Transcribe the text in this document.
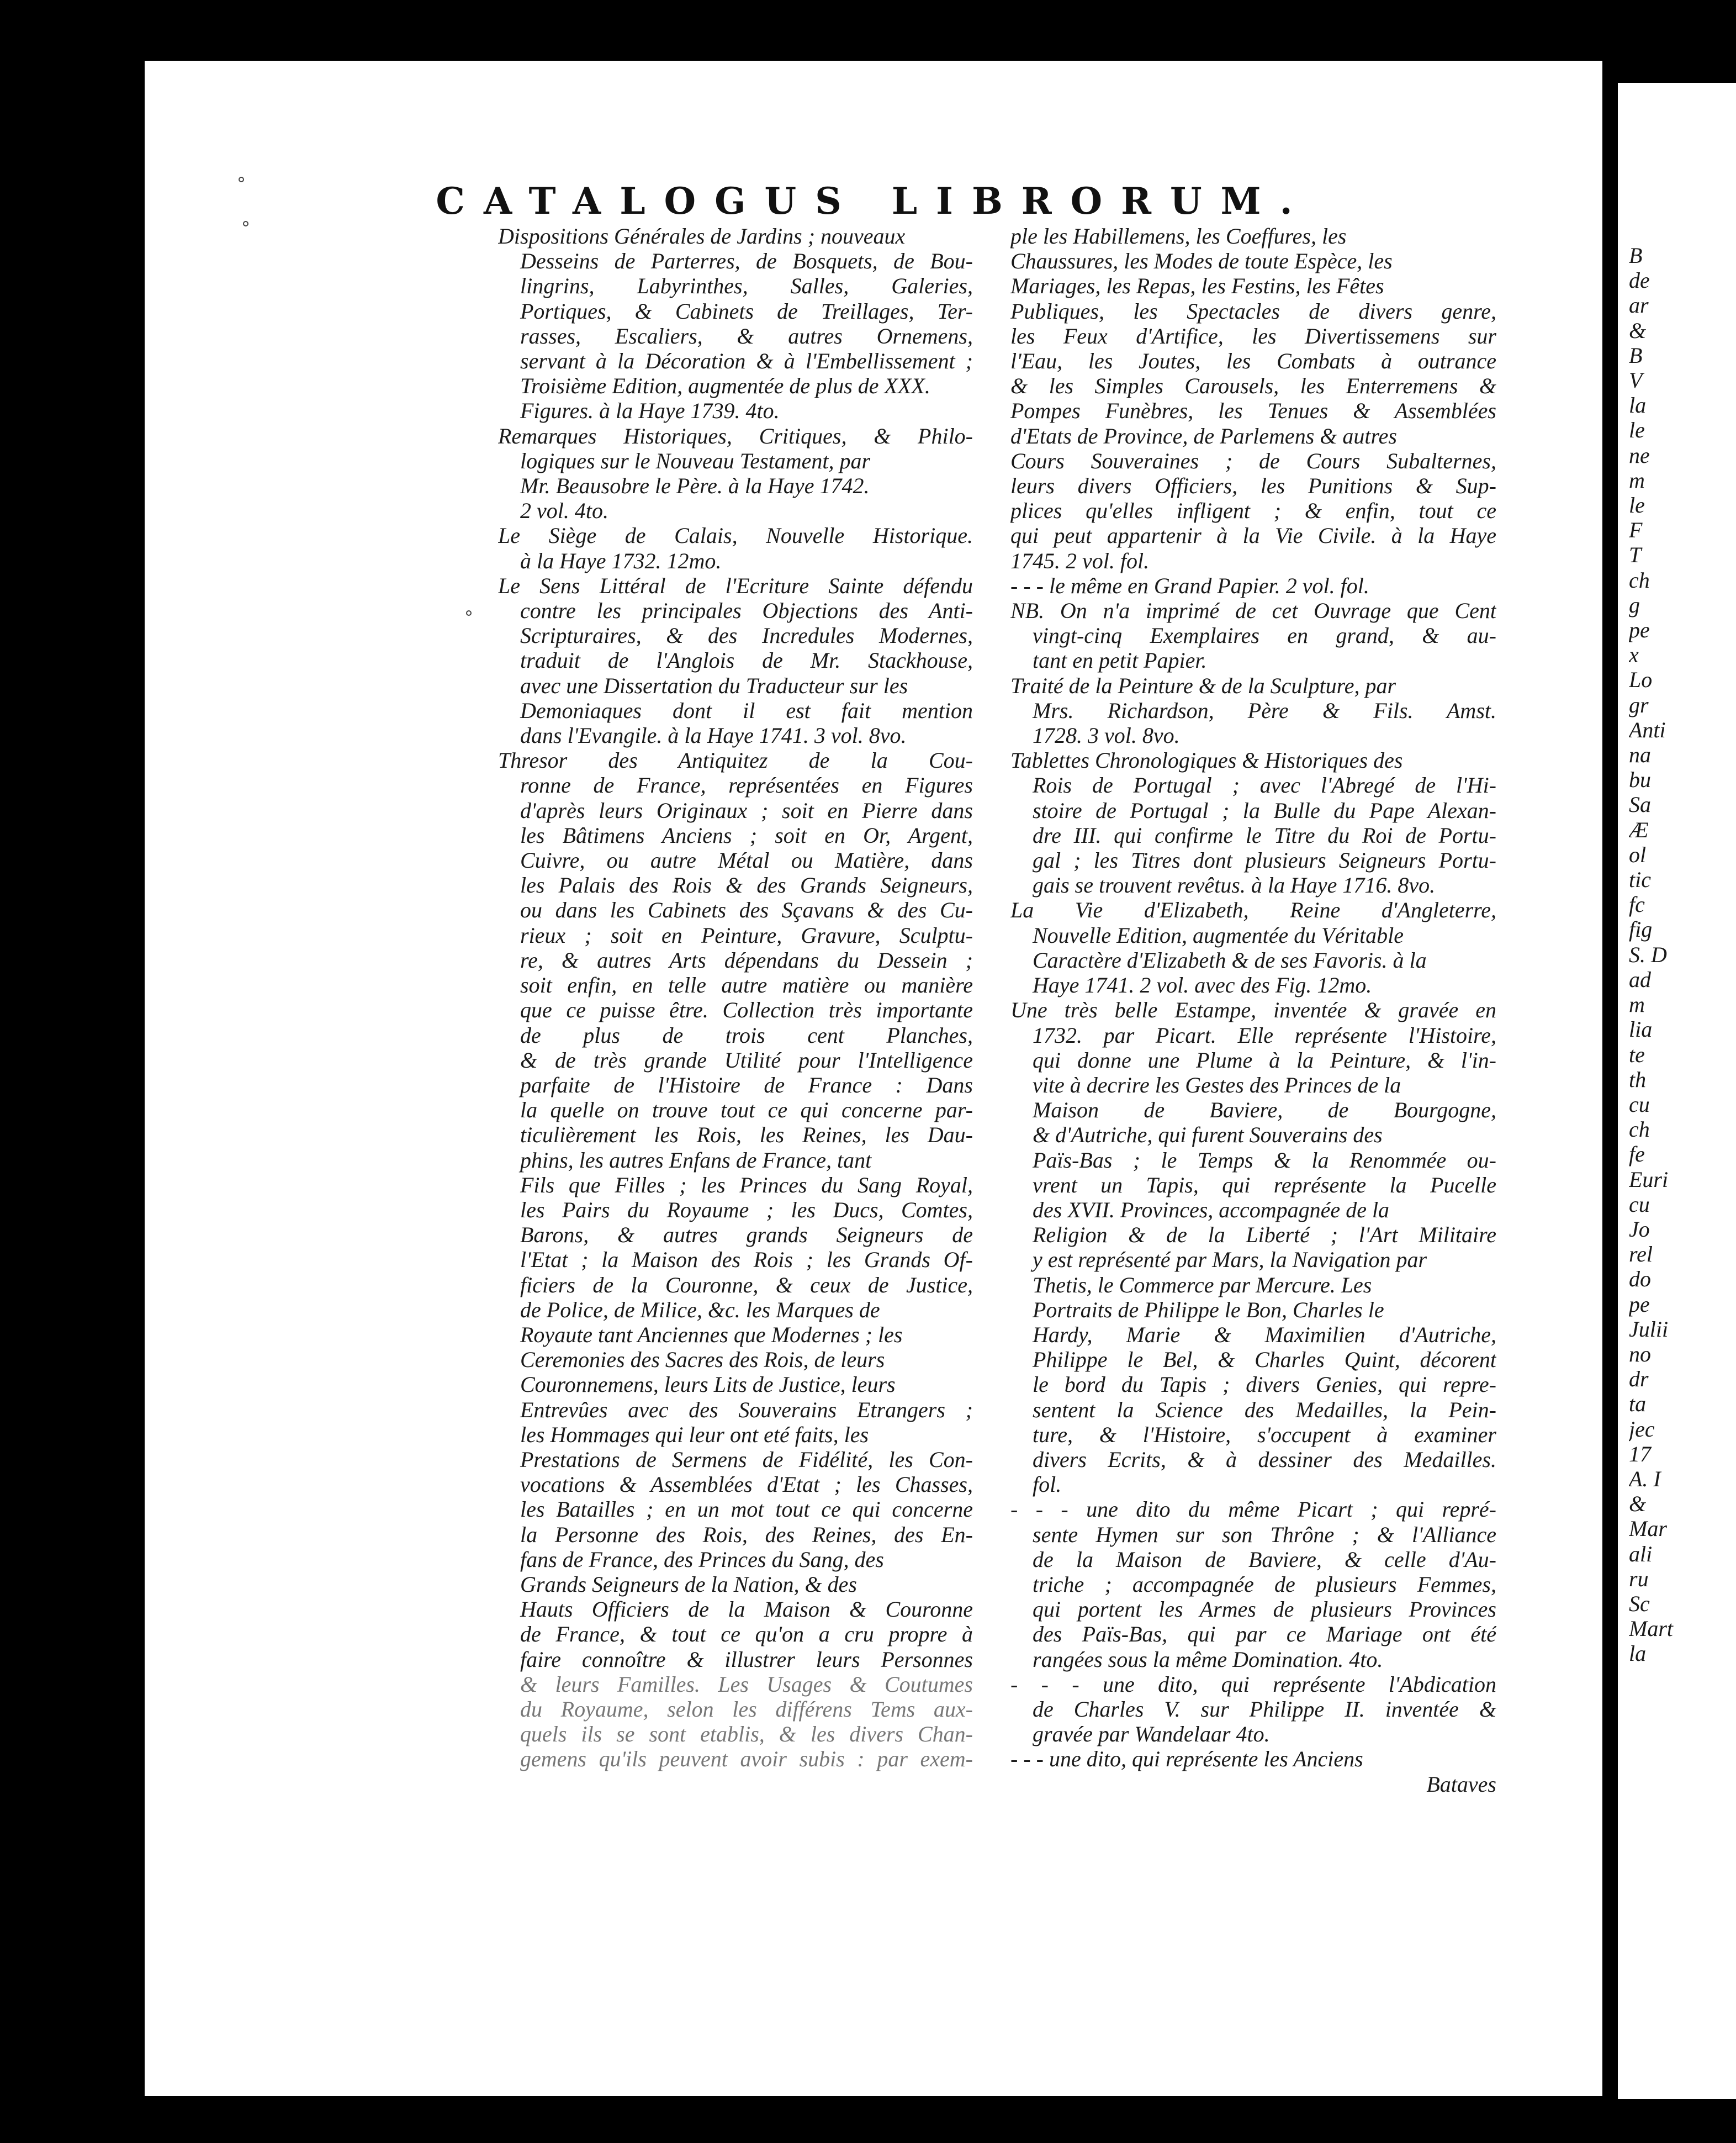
CATALOGUS LIBRORUM.
Dispositions Générales de Jardins ; nouveaux
Desseins de Parterres, de Bosquets, de Bou-
lingrins, Labyrinthes, Salles, Galeries,
Portiques, & Cabinets de Treillages, Ter-
rasses, Escaliers, & autres Ornemens,
servant à la Décoration & à l'Embellissement ;
Troisième Edition, augmentée de plus de XXX.
Figures. à la Haye 1739. 4to.
Remarques Historiques, Critiques, & Philo-
logiques sur le Nouveau Testament, par
Mr. Beausobre le Père. à la Haye 1742.
2 vol. 4to.
Le Siège de Calais, Nouvelle Historique.
à la Haye 1732. 12mo.
Le Sens Littéral de l'Ecriture Sainte défendu
contre les principales Objections des Anti-
Scripturaires, & des Incredules Modernes,
traduit de l'Anglois de Mr. Stackhouse,
avec une Dissertation du Traducteur sur les
Demoniaques dont il est fait mention
dans l'Evangile. à la Haye 1741. 3 vol. 8vo.
Thresor des Antiquitez de la Cou-
ronne de France, représentées en Figures
d'après leurs Originaux ; soit en Pierre dans
les Bâtimens Anciens ; soit en Or, Argent,
Cuivre, ou autre Métal ou Matière, dans
les Palais des Rois & des Grands Seigneurs,
ou dans les Cabinets des Sçavans & des Cu-
rieux ; soit en Peinture, Gravure, Sculptu-
re, & autres Arts dépendans du Dessein ;
soit enfin, en telle autre matière ou manière
que ce puisse être. Collection très importante
de plus de trois cent Planches,
& de très grande Utilité pour l'Intelligence
parfaite de l'Histoire de France : Dans
la quelle on trouve tout ce qui concerne par-
ticulièrement les Rois, les Reines, les Dau-
phins, les autres Enfans de France, tant
Fils que Filles ; les Princes du Sang Royal,
les Pairs du Royaume ; les Ducs, Comtes,
Barons, & autres grands Seigneurs de
l'Etat ; la Maison des Rois ; les Grands Of-
ficiers de la Couronne, & ceux de Justice,
de Police, de Milice, &c. les Marques de
Royaute tant Anciennes que Modernes ; les
Ceremonies des Sacres des Rois, de leurs
Couronnemens, leurs Lits de Justice, leurs
Entrevûes avec des Souverains Etrangers ;
les Hommages qui leur ont eté faits, les
Prestations de Sermens de Fidélité, les Con-
vocations & Assemblées d'Etat ; les Chasses,
les Batailles ; en un mot tout ce qui concerne
la Personne des Rois, des Reines, des En-
fans de France, des Princes du Sang, des
Grands Seigneurs de la Nation, & des
Hauts Officiers de la Maison & Couronne
de France, & tout ce qu'on a cru propre à
faire connoître & illustrer leurs Personnes
& leurs Familles. Les Usages & Coutumes
du Royaume, selon les différens Tems aux-
quels ils se sont etablis, & les divers Chan-
gemens qu'ils peuvent avoir subis : par exem-
ple les Habillemens, les Coeffures, les
Chaussures, les Modes de toute Espèce, les
Mariages, les Repas, les Festins, les Fêtes
Publiques, les Spectacles de divers genre,
les Feux d'Artifice, les Divertissemens sur
l'Eau, les Joutes, les Combats à outrance
& les Simples Carousels, les Enterremens &
Pompes Funèbres, les Tenues & Assemblées
d'Etats de Province, de Parlemens & autres
Cours Souveraines ; de Cours Subalternes,
leurs divers Officiers, les Punitions & Sup-
plices qu'elles infligent ; & enfin, tout ce
qui peut appartenir à la Vie Civile. à la Haye
1745. 2 vol. fol.
- - - le même en Grand Papier. 2 vol. fol.
NB. On n'a imprimé de cet Ouvrage que Cent
vingt-cinq Exemplaires en grand, & au-
tant en petit Papier.
Traité de la Peinture & de la Sculpture, par
Mrs. Richardson, Père & Fils. Amst.
1728. 3 vol. 8vo.
Tablettes Chronologiques & Historiques des
Rois de Portugal ; avec l'Abregé de l'Hi-
stoire de Portugal ; la Bulle du Pape Alexan-
dre III. qui confirme le Titre du Roi de Portu-
gal ; les Titres dont plusieurs Seigneurs Portu-
gais se trouvent revêtus. à la Haye 1716. 8vo.
La Vie d'Elizabeth, Reine d'Angleterre,
Nouvelle Edition, augmentée du Véritable
Caractère d'Elizabeth & de ses Favoris. à la
Haye 1741. 2 vol. avec des Fig. 12mo.
Une très belle Estampe, inventée & gravée en
1732. par Picart. Elle représente l'Histoire,
qui donne une Plume à la Peinture, & l'in-
vite à decrire les Gestes des Princes de la
Maison de Baviere, de Bourgogne,
& d'Autriche, qui furent Souverains des
Païs-Bas ; le Temps & la Renommée ou-
vrent un Tapis, qui représente la Pucelle
des XVII. Provinces, accompagnée de la
Religion & de la Liberté ; l'Art Militaire
y est représenté par Mars, la Navigation par
Thetis, le Commerce par Mercure. Les
Portraits de Philippe le Bon, Charles le
Hardy, Marie & Maximilien d'Autriche,
Philippe le Bel, & Charles Quint, décorent
le bord du Tapis ; divers Genies, qui repre-
sentent la Science des Medailles, la Pein-
ture, & l'Histoire, s'occupent à examiner
divers Ecrits, & à dessiner des Medailles.
fol.
- - - une dito du même Picart ; qui repré-
sente Hymen sur son Thrône ; & l'Alliance
de la Maison de Baviere, & celle d'Au-
triche ; accompagnée de plusieurs Femmes,
qui portent les Armes de plusieurs Provinces
des Païs-Bas, qui par ce Mariage ont été
rangées sous la même Domination. 4to.
- - - une dito, qui représente l'Abdication
de Charles V. sur Philippe II. inventée &
gravée par Wandelaar 4to.
- - - une dito, qui représente les Anciens
Bataves
B
de
ar
&
B
V
la
le
ne
m
le
F
T
ch
g
pe
x
Lo
gr
Anti
na
bu
Sa
Æ
ol
tic
fc
fig
S. D
ad
m
lia
te
th
cu
ch
fe
Euri
cu
Jo
rel
do
pe
Julii
no
dr
ta
jec
17
A. I
&
Mar
ali
ru
Sc
Mart
la
